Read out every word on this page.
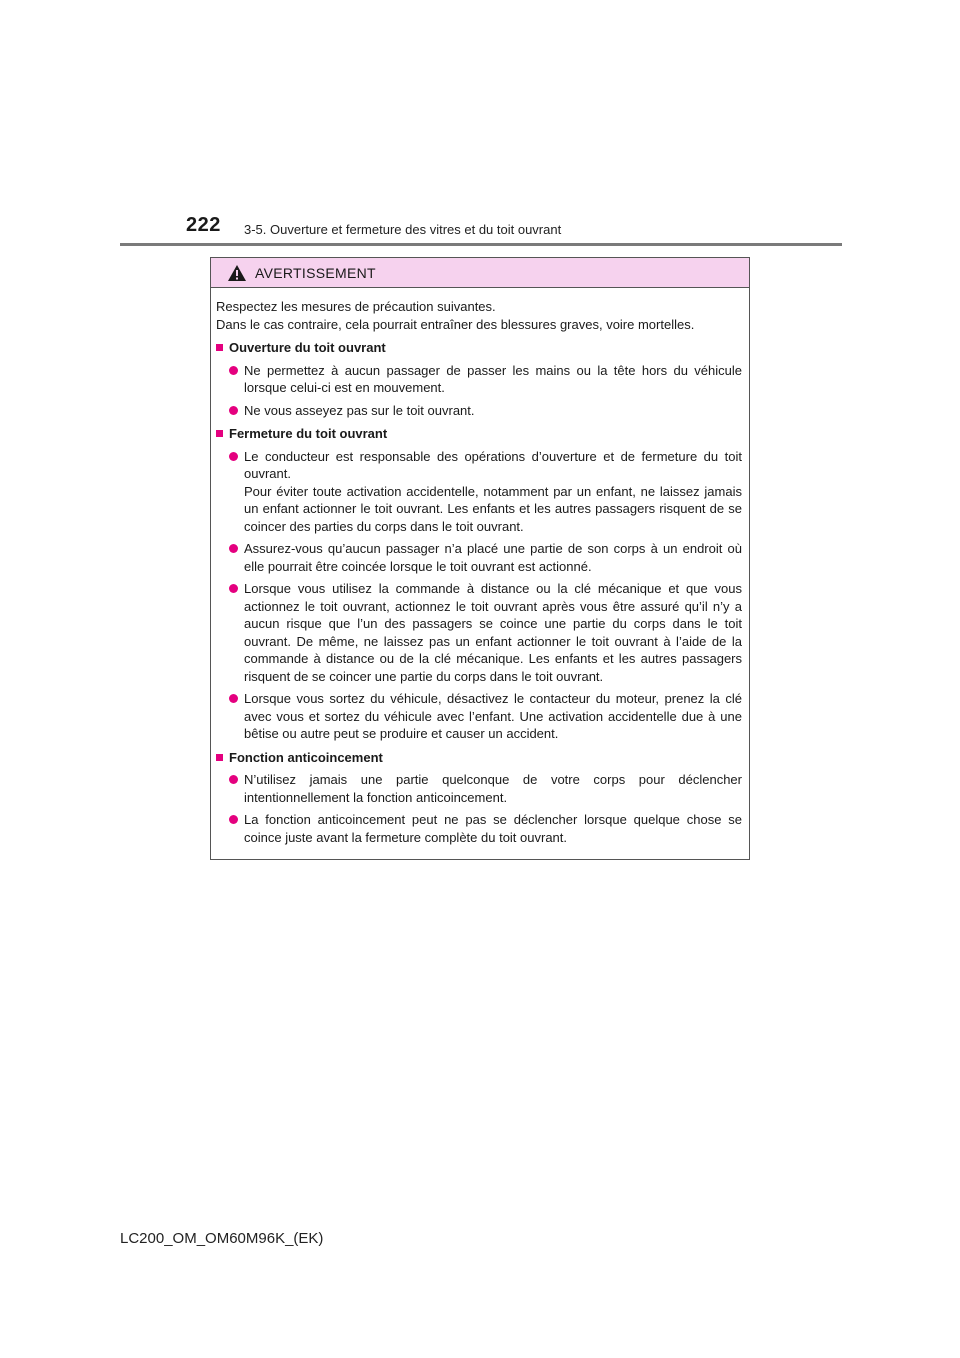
222 3-5. Ouverture et fermeture des vitres et du toit ouvrant
AVERTISSEMENT

Respectez les mesures de précaution suivantes.

Dans le cas contraire, cela pourrait entraîner des blessures graves, voire mortelles.

Ouverture du toit ouvrant

Ne permettez à aucun passager de passer les mains ou la tête hors du véhicule lorsque celui-ci est en mouvement.

Ne vous asseyez pas sur le toit ouvrant.

Fermeture du toit ouvrant

Le conducteur est responsable des opérations d’ouverture et de fermeture du toit ouvrant.

Pour éviter toute activation accidentelle, notamment par un enfant, ne laissez jamais un enfant actionner le toit ouvrant. Les enfants et les autres passagers risquent de se coincer des parties du corps dans le toit ouvrant.

Assurez-vous qu’aucun passager n’a placé une partie de son corps à un endroit où elle pourrait être coincée lorsque le toit ouvrant est actionné.

Lorsque vous utilisez la commande à distance ou la clé mécanique et que vous actionnez le toit ouvrant, actionnez le toit ouvrant après vous être assuré qu’il n’y a aucun risque que l’un des passagers se coince une partie du corps dans le toit ouvrant. De même, ne laissez pas un enfant actionner le toit ouvrant à l’aide de la commande à distance ou de la clé mécanique. Les enfants et les autres passagers risquent de se coincer une partie du corps dans le toit ouvrant.

Lorsque vous sortez du véhicule, désactivez le contacteur du moteur, prenez la clé avec vous et sortez du véhicule avec l’enfant. Une activation accidentelle due à une bêtise ou autre peut se produire et causer un accident.

Fonction anticoincement

N’utilisez jamais une partie quelconque de votre corps pour déclencher intentionnellement la fonction anticoincement.

La fonction anticoincement peut ne pas se déclencher lorsque quelque chose se coince juste avant la fermeture complète du toit ouvrant.

LC200_OM_OM60M96K_(EK)
